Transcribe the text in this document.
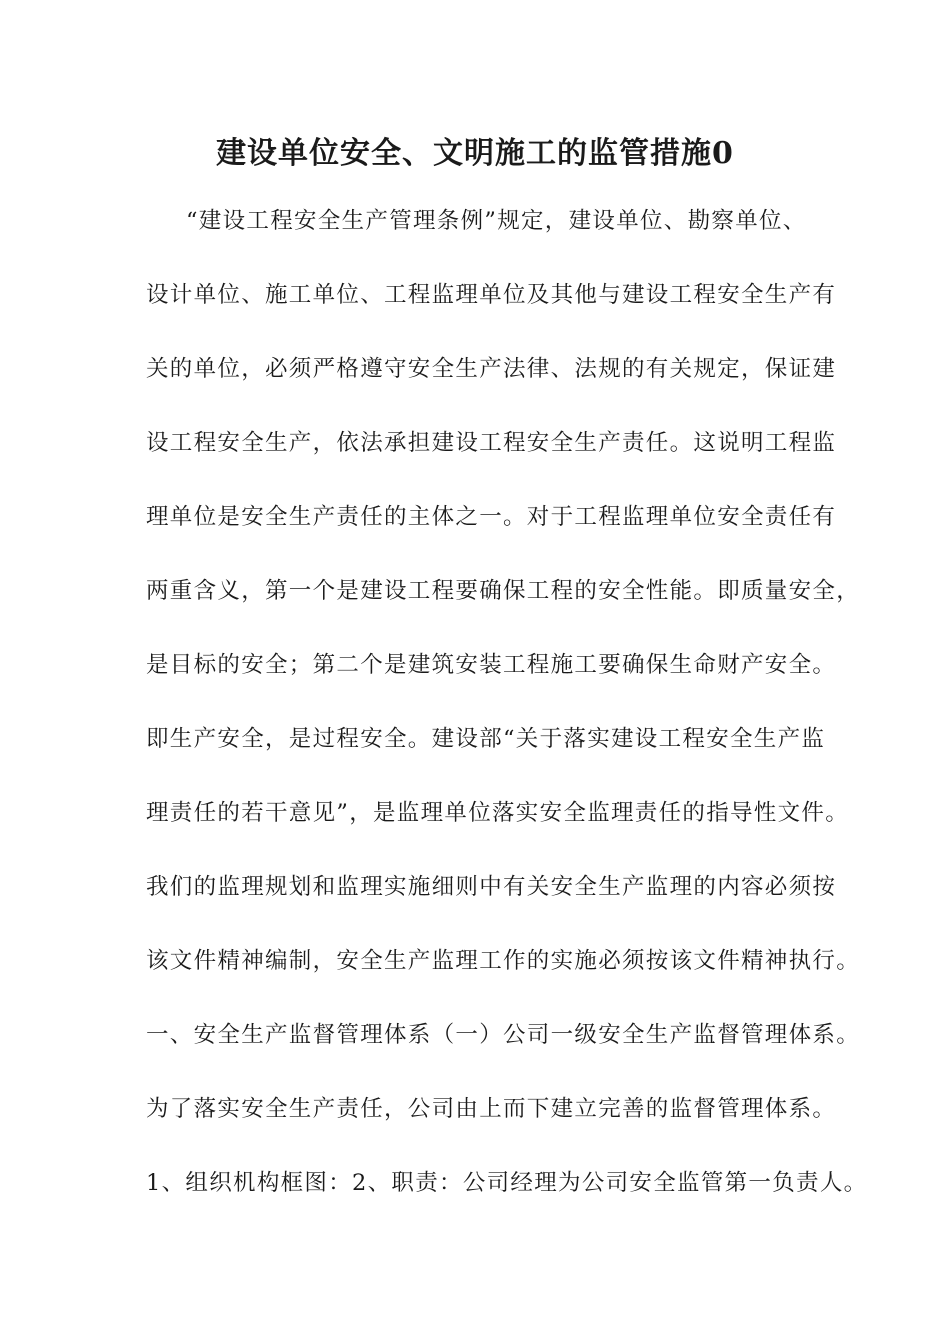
建设单位安全、文明施工的监管措施0
“建设工程安全生产管理条例”规定，建设单位、勘察单位、
设计单位、施工单位、工程监理单位及其他与建设工程安全生产有
关的单位，必须严格遵守安全生产法律、法规的有关规定，保证建
设工程安全生产，依法承担建设工程安全生产责任。这说明工程监
理单位是安全生产责任的主体之一。对于工程监理单位安全责任有
两重含义，第一个是建设工程要确保工程的安全性能。即质量安全，
是目标的安全；第二个是建筑安装工程施工要确保生命财产安全。
即生产安全，是过程安全。建设部“关于落实建设工程安全生产监
理责任的若干意见”，是监理单位落实安全监理责任的指导性文件。
我们的监理规划和监理实施细则中有关安全生产监理的内容必须按
该文件精神编制，安全生产监理工作的实施必须按该文件精神执行。
一、安全生产监督管理体系（一）公司一级安全生产监督管理体系。
为了落实安全生产责任，公司由上而下建立完善的监督管理体系。
1、组织机构框图：2、职责：公司经理为公司安全监管第一负责人。
